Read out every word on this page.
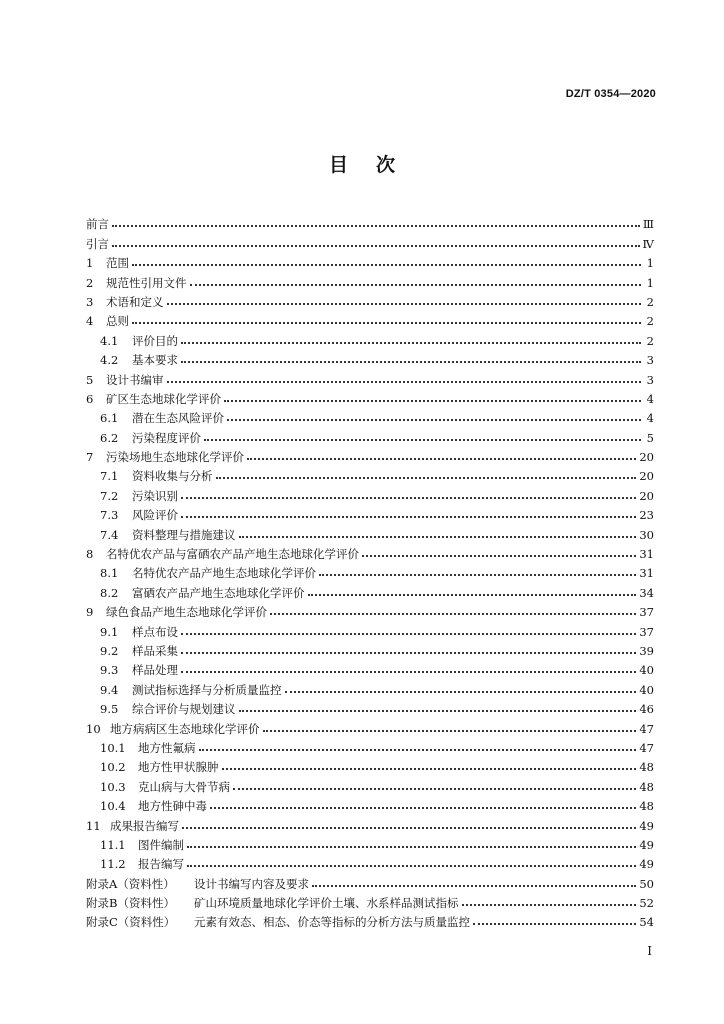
DZ/T 0354—2020
目 次
前言	Ⅲ
引言	Ⅳ
1	范围	1
2	规范性引用文件	1
3	术语和定义	2
4	总则	2
4.1	评价目的	2
4.2	基本要求	3
5	设计书编审	3
6	矿区生态地球化学评价	4
6.1	潜在生态风险评价	4
6.2	污染程度评价	5
7	污染场地生态地球化学评价	20
7.1	资料收集与分析	20
7.2	污染识别	20
7.3	风险评价	23
7.4	资料整理与措施建议	30
8	名特优农产品与富硒农产品产地生态地球化学评价	31
8.1	名特优农产品产地生态地球化学评价	31
8.2	富硒农产品产地生态地球化学评价	34
9	绿色食品产地生态地球化学评价	37
9.1	样点布设	37
9.2	样品采集	39
9.3	样品处理	40
9.4	测试指标选择与分析质量监控	40
9.5	综合评价与规划建议	46
10 地方病病区生态地球化学评价	47
10.1	地方性氟病	47
10.2	地方性甲状腺肿	48
10.3	克山病与大骨节病	48
10.4	地方性砷中毒	48
11 成果报告编写	49
11.1	图件编制	49
11.2	报告编写	49
附录A（资料性）	设计书编写内容及要求	50
附录B（资料性）	矿山环境质量地球化学评价土壤、水系样品测试指标	52
附录C（资料性）	元素有效态、相态、价态等指标的分析方法与质量监控	54
Ⅰ
